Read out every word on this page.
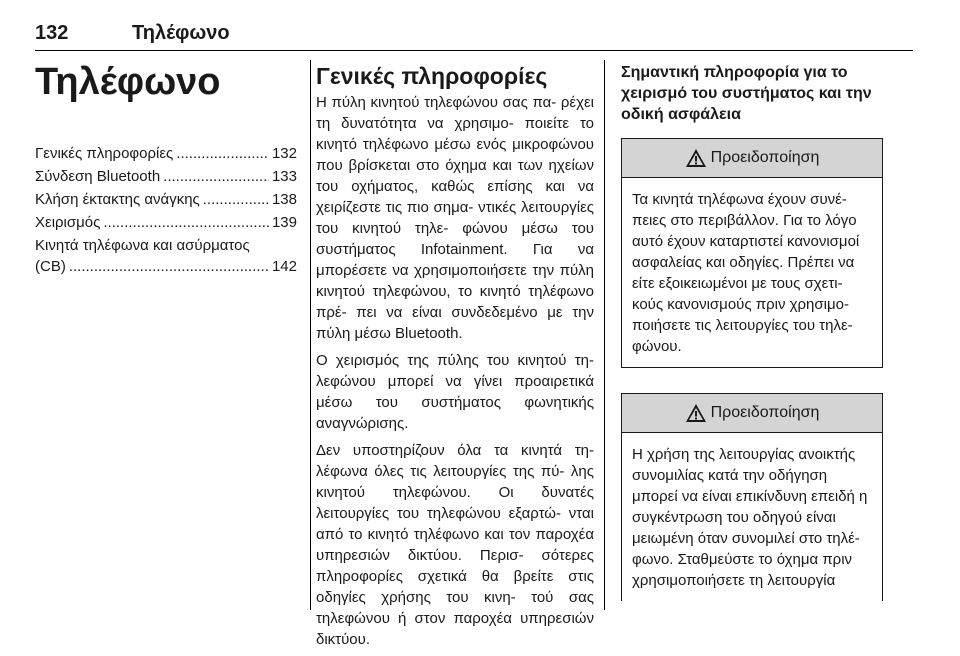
132	Τηλέφωνο
Τηλέφωνο
Γενικές πληροφορίες .....	132
Σύνδεση Bluetooth .....	133
Κλήση έκτακτης ανάγκης .....	138
Χειρισμός .....	139
Κινητά τηλέφωνα και ασύρματος
(CB) .....	142
Γενικές πληροφορίες

Η πύλη κινητού τηλεφώνου σας πα- ρέχει τη δυνατότητα να χρησιμο- ποιείτε το κινητό τηλέφωνο μέσω ενός μικροφώνου που βρίσκεται στο όχημα και των ηχείων του οχήματος, καθώς επίσης και να χειρίζεστε τις πιο σημα- ντικές λειτουργίες του κινητού τηλε- φώνου μέσω του συστήματος Infotainment. Για να μπορέσετε να χρησιμοποιήσετε την πύλη κινητού τηλεφώνου, το κινητό τηλέφωνο πρέ- πει να είναι συνδεδεμένο με την πύλη μέσω Bluetooth.

Ο χειρισμός της πύλης του κινητού τη- λεφώνου μπορεί να γίνει προαιρετικά μέσω του συστήματος φωνητικής αναγνώρισης.

Δεν υποστηρίζουν όλα τα κινητά τη- λέφωνα όλες τις λειτουργίες της πύ- λης κινητού τηλεφώνου. Οι δυνατές λειτουργίες του τηλεφώνου εξαρτώ- νται από το κινητό τηλέφωνο και τον παροχέα υπηρεσιών δικτύου. Περισ- σότερες πληροφορίες σχετικά θα βρείτε στις οδηγίες χρήσης του κινη- τού σας τηλεφώνου ή στον παροχέα υπηρεσιών δικτύου.

Σημαντική πληροφορία για το χειρισμό του συστήματος και την οδική ασφάλεια
Προειδοποίηση
Τα κινητά τηλέφωνα έχουν συνέ- πειες στο περιβάλλον. Για το λόγο αυτό έχουν καταρτιστεί κανονισμοί ασφαλείας και οδηγίες. Πρέπει να είτε εξοικειωμένοι με τους σχετι- κούς κανονισμούς πριν χρησιμο- ποιήσετε τις λειτουργίες του τηλε- φώνου.
Προειδοποίηση
Η χρήση της λειτουργίας ανοικτής συνομιλίας κατά την οδήγηση μπορεί να είναι επικίνδυνη επειδή η συγκέντρωση του οδηγού είναι μειωμένη όταν συνομιλεί στο τηλέ- φωνο. Σταθμεύστε το όχημα πριν χρησιμοποιήσετε τη λειτουργία
